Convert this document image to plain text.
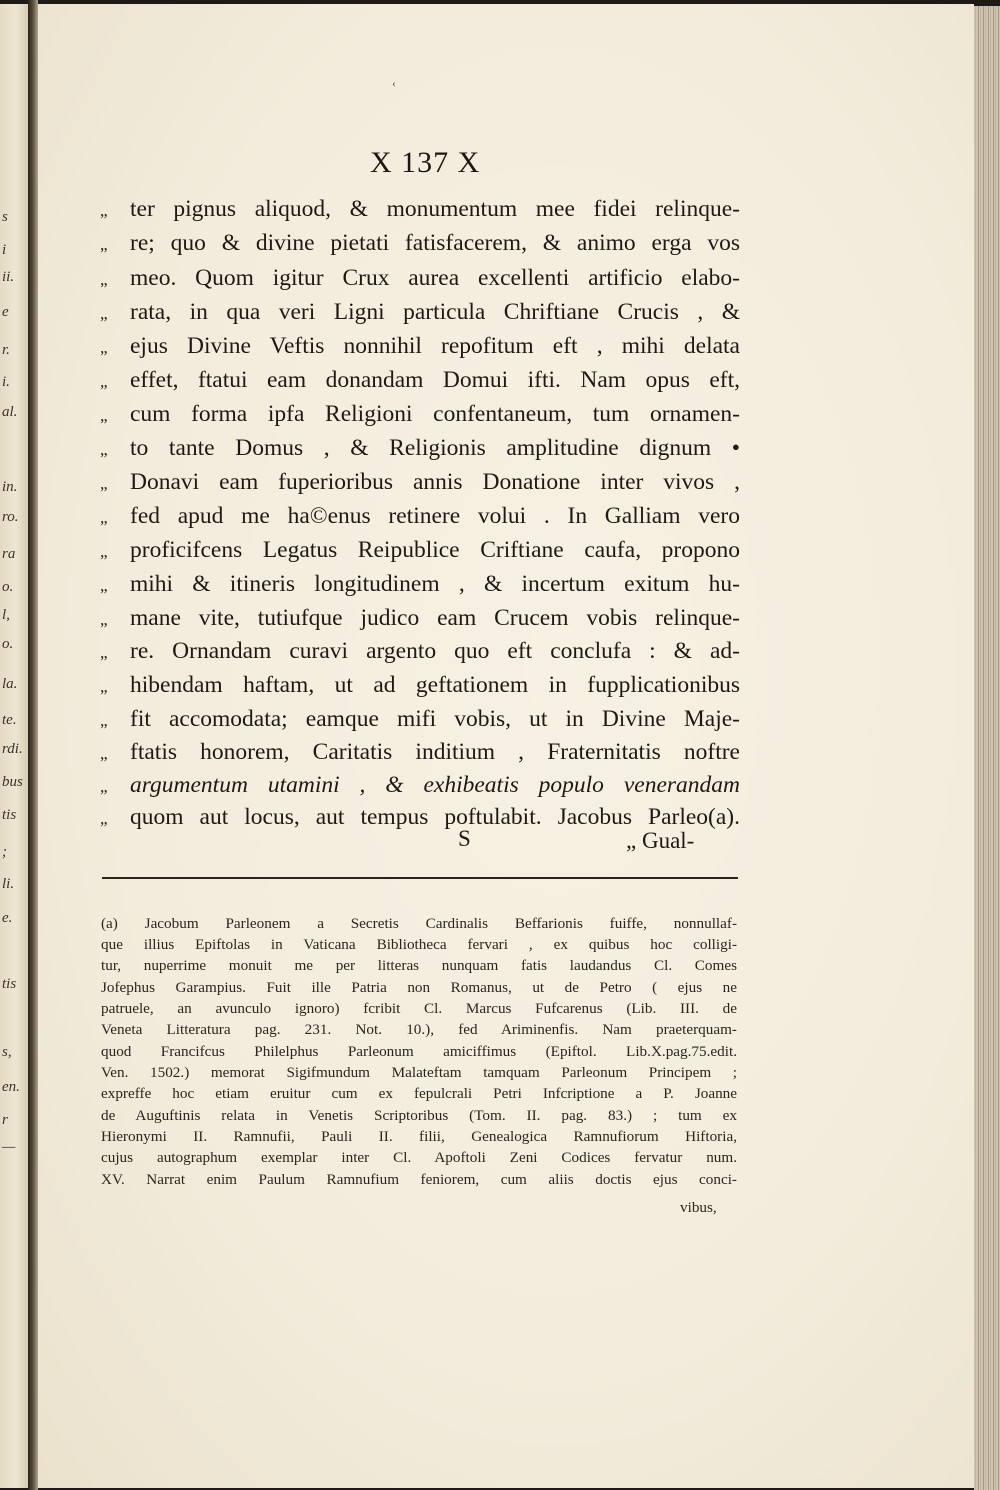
s
i
ii.
e
r.
i.
al.
in.
ro.
ra
o.
l,
o.
la.
te.
rdi.
bus
tis
;
li.
e.
tis
s,
en.
r
—
‹
X 137 X
„ ter pignus aliquod, & monumentum mee fidei relinque-
„ re; quo & divine pietati fatisfacerem, & animo erga vos
„ meo. Quom igitur Crux aurea excellenti artificio elabo-
„ rata, in qua veri Ligni particula Chriftiane Crucis , &
„ ejus Divine Veftis nonnihil repofitum eft , mihi delata
„ effet, ftatui eam donandam Domui ifti. Nam opus eft,
„ cum forma ipfa Religioni confentaneum, tum ornamen-
„ to tante Domus , & Religionis amplitudine dignum •
„ Donavi eam fuperioribus annis Donatione inter vivos ,
„ fed apud me ha©enus retinere volui . In Galliam vero
„ proficifcens Legatus Reipublice Criftiane caufa, propono
„ mihi & itineris longitudinem , & incertum exitum hu-
„ mane vite, tutiufque judico eam Crucem vobis relinque-
„ re. Ornandam curavi argento quo eft conclufa : & ad-
„ hibendam haftam, ut ad geftationem in fupplicationibus
„ fit accomodata; eamque mifi vobis, ut in Divine Maje-
„ ftatis honorem, Caritatis inditium , Fraternitatis noftre
„ argumentum utamini , & exhibeatis populo venerandam
„ quom aut locus, aut tempus poftulabit. Jacobus Parleo(a).
S	„ Gual-
(a) Jacobum Parleonem a Secretis Cardinalis Beffarionis fuiffe, nonnullaf-
que illius Epiftolas in Vaticana Bibliotheca fervari , ex quibus hoc colligi-
tur, nuperrime monuit me per litteras nunquam fatis laudandus Cl. Comes
Jofephus Garampius. Fuit ille Patria non Romanus, ut de Petro ( ejus ne
patruele, an avunculo ignoro) fcribit Cl. Marcus Fufcarenus (Lib. III. de
Veneta Litteratura pag. 231. Not. 10.), fed Ariminenfis. Nam praeterquam-
quod Francifcus Philelphus Parleonum amiciffimus (Epiftol. Lib.X.pag.75.edit.
Ven. 1502.) memorat Sigifmundum Malateftam tamquam Parleonum Principem ;
expreffe hoc etiam eruitur cum ex fepulcrali Petri Infcriptione a P. Joanne
de Auguftinis relata in Venetis Scriptoribus (Tom. II. pag. 83.) ; tum ex
Hieronymi II. Ramnufii, Pauli II. filii, Genealogica Ramnufiorum Hiftoria,
cujus autographum exemplar inter Cl. Apoftoli Zeni Codices fervatur num.
XV. Narrat enim Paulum Ramnufium feniorem, cum aliis doctis ejus conci-
vibus,
